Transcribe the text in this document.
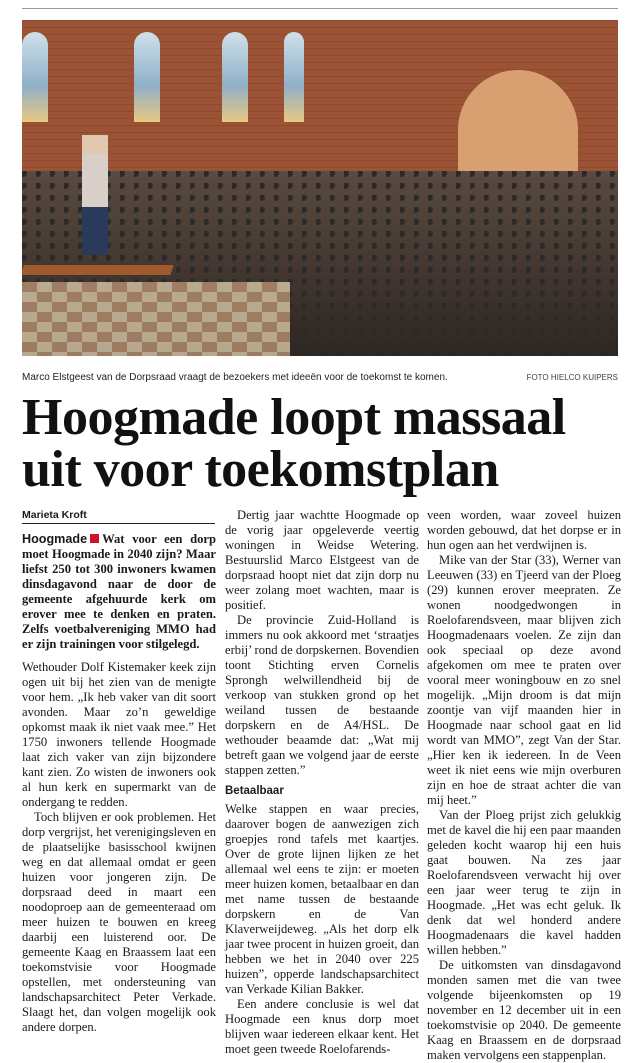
Marco Elstgeest van de Dorpsraad vraagt de bezoekers met ideeën voor de toekomst te komen.	FOTO HIELCO KUIPERS
Hoogmade loopt massaal
uit voor toekomstplan
Marieta Kroft

Hoogmade Wat voor een dorp moet Hoogmade in 2040 zijn? Maar liefst 250 tot 300 inwoners kwamen dinsdagavond naar de door de gemeente afgehuurde kerk om erover mee te denken en praten. Zelfs voetbalvereniging MMO had er zijn trainingen voor stilgelegd.

Wethouder Dolf Kistemaker keek zijn ogen uit bij het zien van de menigte voor hem. „Ik heb vaker van dit soort avonden. Maar zo’n geweldige opkomst maak ik niet vaak mee.” Het 1750 inwoners tellende Hoogmade laat zich vaker van zijn bijzondere kant zien. Zo wisten de inwoners ook al hun kerk en supermarkt van de ondergang te redden.

Toch blijven er ook problemen. Het dorp vergrijst, het verenigingsleven en de plaatselijke basisschool kwijnen weg en dat allemaal omdat er geen huizen voor jongeren zijn. De dorpsraad deed in maart een noodoproep aan de gemeenteraad om meer huizen te bouwen en kreeg daarbij een luisterend oor. De gemeente Kaag en Braassem laat een toekomstvisie voor Hoogmade opstellen, met ondersteuning van landschapsarchitect Peter Verkade. Slaagt het, dan volgen mogelijk ook andere dorpen.

Dertig jaar wachtte Hoogmade op de vorig jaar opgeleverde veertig woningen in Weidse Wetering. Bestuurslid Marco Elstgeest van de dorpsraad hoopt niet dat zijn dorp nu weer zolang moet wachten, maar is positief.

De provincie Zuid-Holland is immers nu ook akkoord met ‘straatjes erbij’ rond de dorpskernen. Bovendien toont Stichting erven Cornelis Sprongh welwillendheid bij de verkoop van stukken grond op het weiland tussen de bestaande dorpskern en de A4/HSL. De wethouder beaamde dat: „Wat mij betreft gaan we volgend jaar de eerste stappen zetten.”

Betaalbaar

Welke stappen en waar precies, daarover bogen de aanwezigen zich groepjes rond tafels met kaartjes. Over de grote lijnen lijken ze het allemaal wel eens te zijn: er moeten meer huizen komen, betaalbaar en dan met name tussen de bestaande dorpskern en de Van Klaverweijdeweg. „Als het dorp elk jaar twee procent in huizen groeit, dan hebben we het in 2040 over 225 huizen”, opperde landschapsarchitect van Verkade Kilian Bakker.

Een andere conclusie is wel dat Hoogmade een knus dorp moet blijven waar iedereen elkaar kent. Het moet geen tweede Roelofarends-

veen worden, waar zoveel huizen worden gebouwd, dat het dorpse er in hun ogen aan het verdwijnen is.

Mike van der Star (33), Werner van Leeuwen (33) en Tjeerd van der Ploeg (29) kunnen erover meepraten. Ze wonen noodgedwongen in Roelofarendsveen, maar blijven zich Hoogmadenaars voelen. Ze zijn dan ook speciaal op deze avond afgekomen om mee te praten over vooral meer woningbouw en zo snel mogelijk. „Mijn droom is dat mijn zoontje van vijf maanden hier in Hoogmade naar school gaat en lid wordt van MMO”, zegt Van der Star. „Hier ken ik iedereen. In de Veen weet ik niet eens wie mijn overburen zijn en hoe de straat achter die van mij heet.”

Van der Ploeg prijst zich gelukkig met de kavel die hij een paar maanden geleden kocht waarop hij een huis gaat bouwen. Na zes jaar Roelofarendsveen verwacht hij over een jaar weer terug te zijn in Hoogmade. „Het was echt geluk. Ik denk dat wel honderd andere Hoogmadenaars die kavel hadden willen hebben.”

De uitkomsten van dinsdagavond monden samen met die van twee volgende bijeenkomsten op 19 november en 12 december uit in een toekomstvisie op 2040. De gemeente Kaag en Braassem en de dorpsraad maken vervolgens een stappenplan.
